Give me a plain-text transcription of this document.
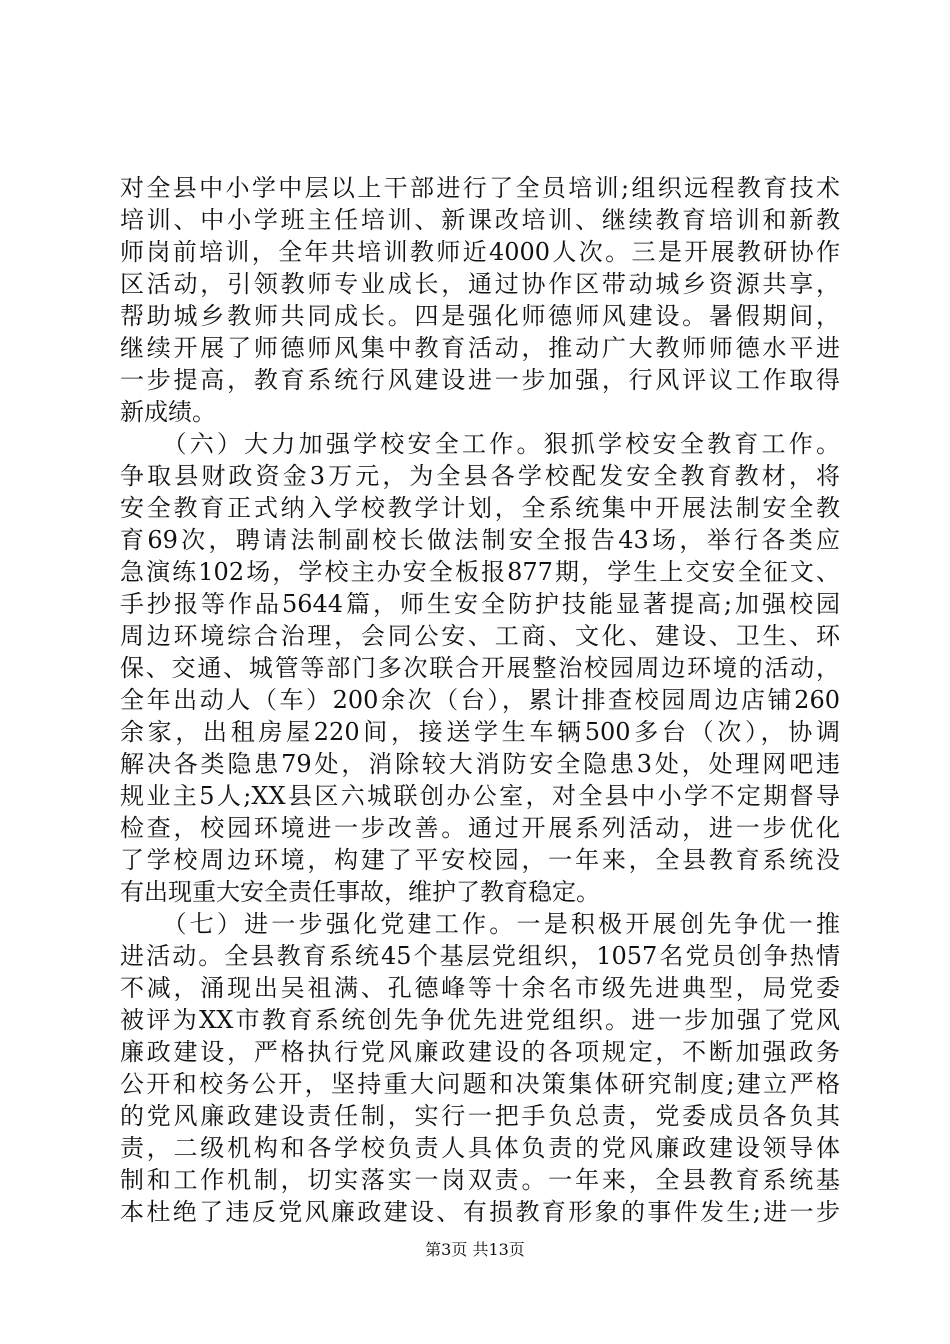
对全县中小学中层以上干部进行了全员培训;组织远程教育技术
培训、中小学班主任培训、新课改培训、继续教育培训和新教
师岗前培训，全年共培训教师近4000人次。三是开展教研协作
区活动，引领教师专业成长，通过协作区带动城乡资源共享，
帮助城乡教师共同成长。四是强化师德师风建设。暑假期间，
继续开展了师德师风集中教育活动，推动广大教师师德水平进
一步提高，教育系统行风建设进一步加强，行风评议工作取得
新成绩。
　　（六）大力加强学校安全工作。狠抓学校安全教育工作。
争取县财政资金3万元，为全县各学校配发安全教育教材，将
安全教育正式纳入学校教学计划，全系统集中开展法制安全教
育69次，聘请法制副校长做法制安全报告43场，举行各类应
急演练102场，学校主办安全板报877期，学生上交安全征文、
手抄报等作品5644篇，师生安全防护技能显著提高;加强校园
周边环境综合治理，会同公安、工商、文化、建设、卫生、环
保、交通、城管等部门多次联合开展整治校园周边环境的活动，
全年出动人（车）200余次（台），累计排查校园周边店铺260
余家，出租房屋220间，接送学生车辆500多台（次），协调
解决各类隐患79处，消除较大消防安全隐患3处，处理网吧违
规业主5人;XX县区六城联创办公室，对全县中小学不定期督导
检查，校园环境进一步改善。通过开展系列活动，进一步优化
了学校周边环境，构建了平安校园，一年来，全县教育系统没
有出现重大安全责任事故，维护了教育稳定。
　　（七）进一步强化党建工作。一是积极开展创先争优一推
进活动。全县教育系统45个基层党组织，1057名党员创争热情
不减，涌现出吴祖满、孔德峰等十余名市级先进典型，局党委
被评为XX市教育系统创先争优先进党组织。进一步加强了党风
廉政建设，严格执行党风廉政建设的各项规定，不断加强政务
公开和校务公开，坚持重大问题和决策集体研究制度;建立严格
的党风廉政建设责任制，实行一把手负总责，党委成员各负其
责，二级机构和各学校负责人具体负责的党风廉政建设领导体
制和工作机制，切实落实一岗双责。一年来，全县教育系统基
本杜绝了违反党风廉政建设、有损教育形象的事件发生;进一步
第3页 共13页
